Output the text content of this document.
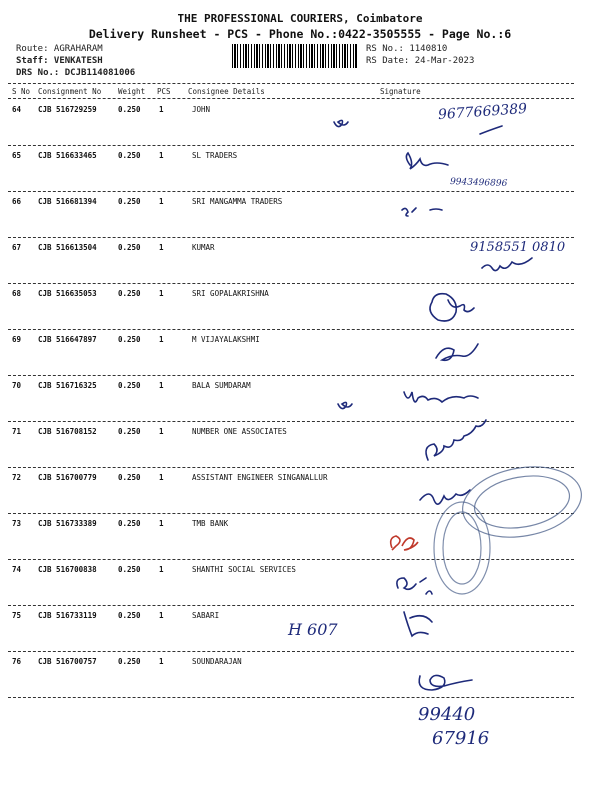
THE PROFESSIONAL COURIERS, Coimbatore
Delivery Runsheet - PCS - Phone No.:0422-3505555 - Page No.:6
Route: AGRAHARAM
Staff: VENKATESH
DRS No.: DCJB114081006
RS No.: 1140810
RS Date: 24-Mar-2023
S No Consignment No Weight PCS Consignee Details	Signature
64 CJB 516729259	0.250 1	JOHN
65 CJB 516633465	0.250 1	SL TRADERS
66 CJB 516681394	0.250 1	SRI MANGAMMA TRADERS
67 CJB 516613504	0.250 1	KUMAR
68 CJB 516635053	0.250 1	SRI GOPALAKRISHNA
69 CJB 516647897	0.250 1	M VIJAYALAKSHMI
70 CJB 516716325	0.250 1	BALA SUMDARAM
71 CJB 516708152	0.250 1	NUMBER ONE ASSOCIATES
72 CJB 516700779	0.250 1	ASSISTANT ENGINEER SINGANALLUR
73 CJB 516733389	0.250 1	TMB BANK
74 CJB 516700838	0.250 1	SHANTHI SOCIAL SERVICES
75 CJB 516733119	0.250 1	SABARI
76 CJB 516700757	0.250 1	SOUNDARAJAN
9677669389
9943496896
9158551 0810
H 607
99440
67916
